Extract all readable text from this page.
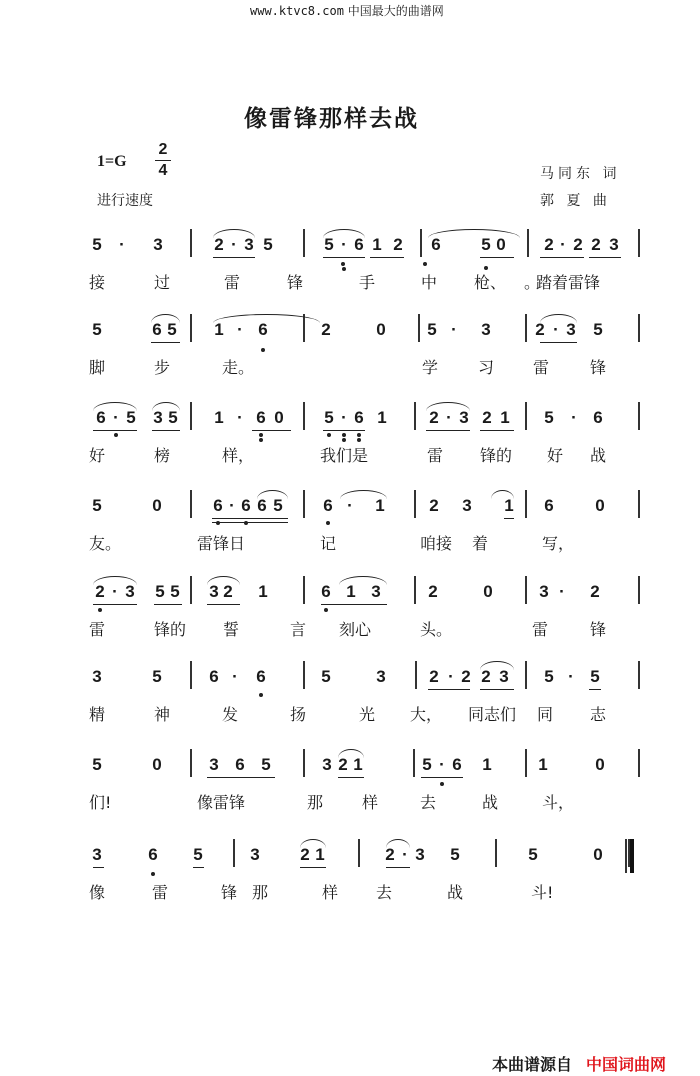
www.ktvc8.com 中国最大的曲谱网
像雷锋那样去战
1=G
2
4
进行速度
马同东 词
郭 夏 曲
5 · 3	2 · 3 5	5 · 6 1 2 6 5 0 2 · 2 2 3
接	过	雷	锋	手	中 枪、 。
踏着雷锋
5	6 5 1 · 6	2	0 5 · 3	2 · 3 5
脚	步	走。	学 习 雷	锋
6 · 5 3 5 1 · 6 0 5 · 6 1	2 · 3 2 1 5 · 6
好	榜	样，	我们是	雷 锋的 好 战
5	0	6 · 6 6 5 6 · 1	2 3 1 6 0
友。	雷锋日	记	咱接 着	写，
2 · 3 5 5 3 2 1	6 1 3	2	0	3 · 2
雷	锋的 誓	言 刻心	头。	雷	锋
3	5	6 · 6	5	3	2 · 2 2 3 5 · 5
精	神	发	扬	光 大， 同志们 同 志
5	0	3 6 5	3 2 1	5 · 6 1	1	0
们!	像雷锋	那 样	去	战	斗，
3	6 5	3 2 1	2 · 3 5	5	0
像	雷	锋 那	样 去	战	斗!
本曲谱源自 中国词曲网
